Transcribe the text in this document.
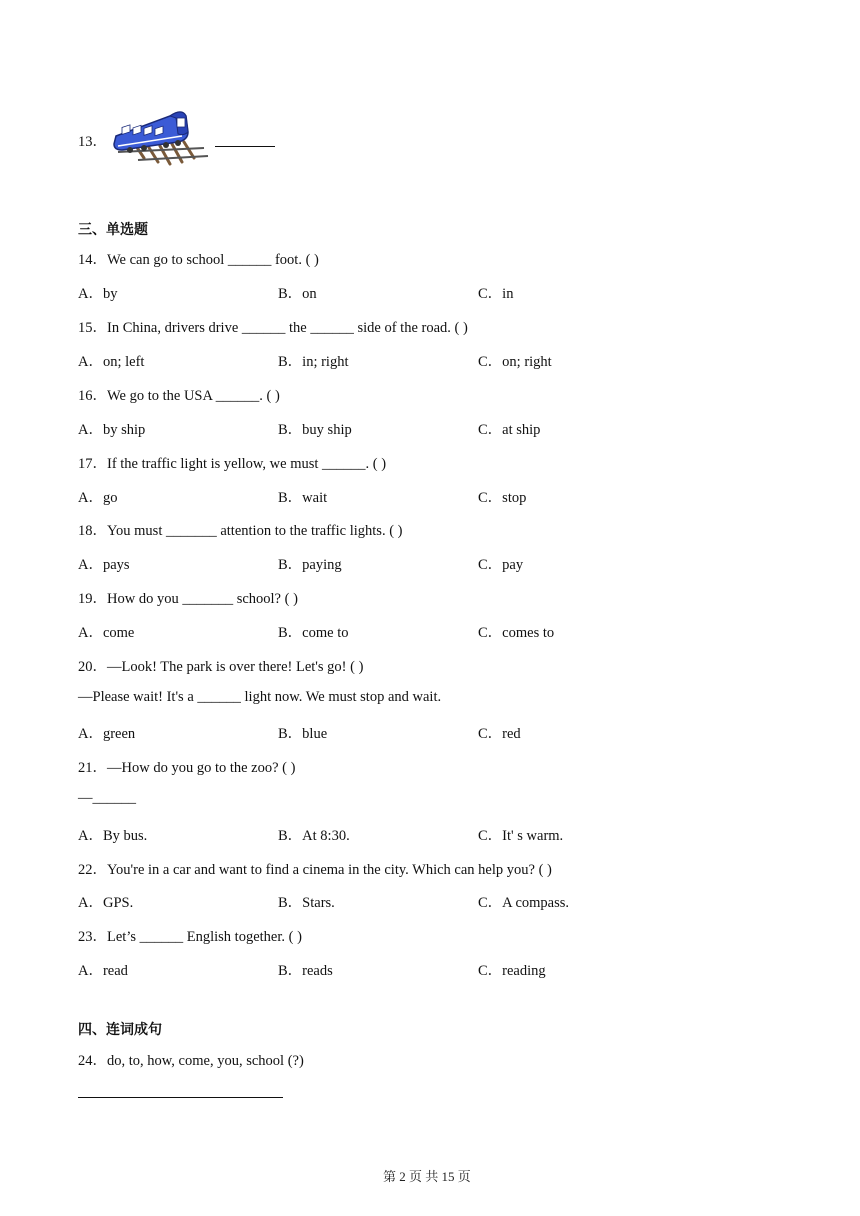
13．
三、单选题
14．We can go to school ______ foot. ( )
A．by	B．on	C．in
15．In China, drivers drive ______ the ______ side of the road. ( )
A．on; left	B．in; right	C．on; right
16．We go to the USA ______. ( )
A．by ship	B．buy ship	C．at ship
17．If the traffic light is yellow, we must ______. ( )
A．go	B．wait	C．stop
18．You must _______ attention to the traffic lights. ( )
A．pays	B．paying	C．pay
19．How do you _______ school? ( )
A．come	B．come to	C．comes to
20．—Look! The park is over there! Let's go! ( )
—Please wait! It's a ______ light now. We must stop and wait.
A．green	B．blue	C．red
21．—How do you go to the zoo? ( )
—______
A．By bus.	B．At 8:30.	C．It' s warm.
22．You're in a car and want to find a cinema in the city. Which can help you? ( )
A．GPS.	B．Stars.	C．A compass.
23．Let’s ______ English together. ( )
A．read	B．reads	C．reading
四、连词成句
24．do, to, how, come, you, school (?)
第 2 页 共 15 页
